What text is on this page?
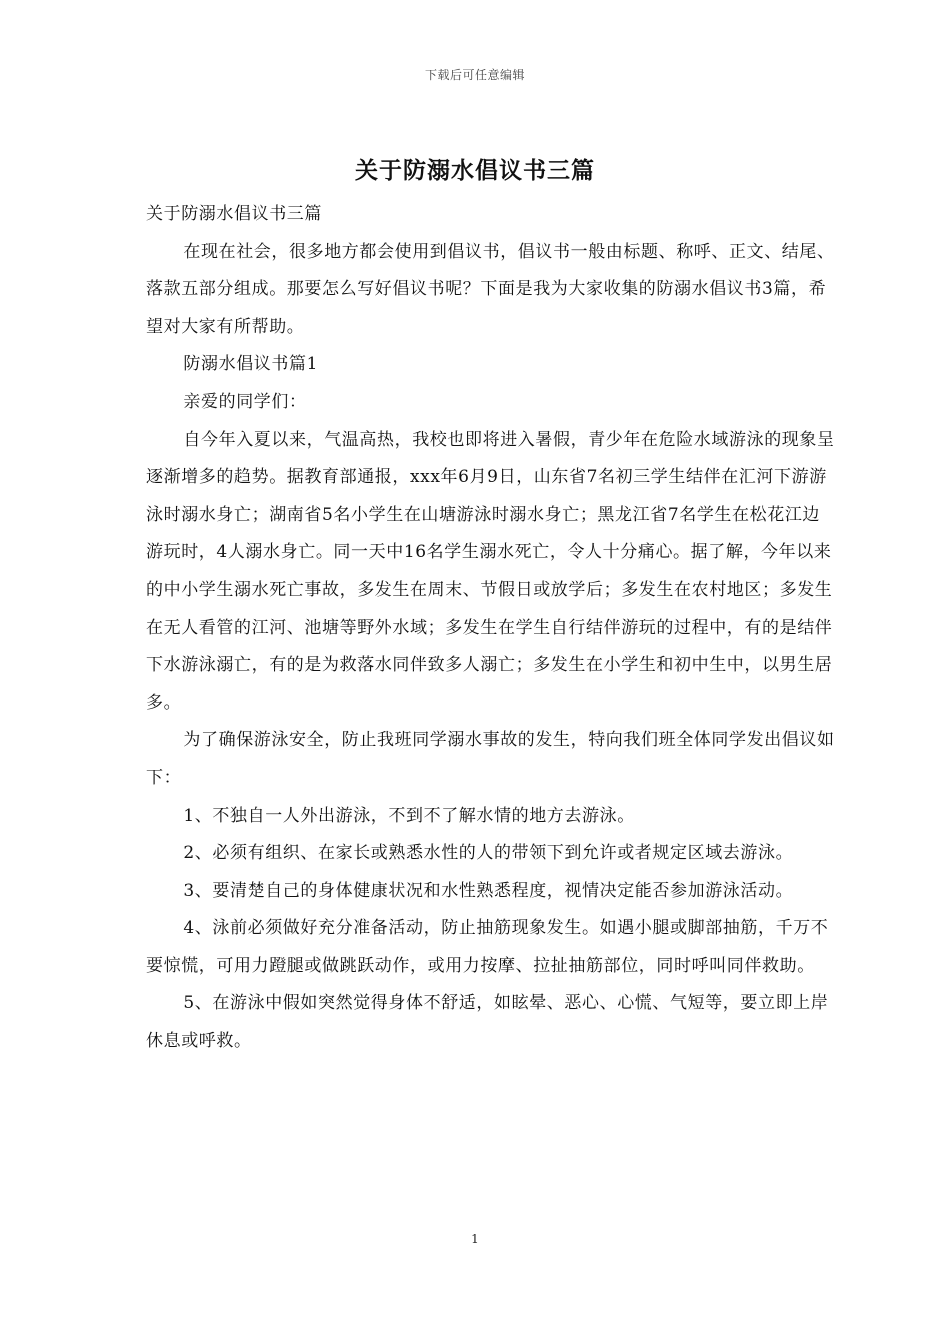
下载后可任意编辑
关于防溺水倡议书三篇

关于防溺水倡议书三篇

在现在社会，很多地方都会使用到倡议书，倡议书一般由标题、称呼、正文、结尾、落款五部分组成。那要怎么写好倡议书呢？下面是我为大家收集的防溺水倡议书3篇，希望对大家有所帮助。

防溺水倡议书篇1

亲爱的同学们：

自今年入夏以来，气温高热，我校也即将进入暑假，青少年在危险水域游泳的现象呈逐渐增多的趋势。据教育部通报，xxx年6月9日，山东省7名初三学生结伴在汇河下游游泳时溺水身亡；湖南省5名小学生在山塘游泳时溺水身亡；黑龙江省7名学生在松花江边游玩时，4人溺水身亡。同一天中16名学生溺水死亡，令人十分痛心。据了解，今年以来的中小学生溺水死亡事故，多发生在周末、节假日或放学后；多发生在农村地区；多发生在无人看管的江河、池塘等野外水域；多发生在学生自行结伴游玩的过程中，有的是结伴下水游泳溺亡，有的是为救落水同伴致多人溺亡；多发生在小学生和初中生中，以男生居多。

为了确保游泳安全，防止我班同学溺水事故的发生，特向我们班全体同学发出倡议如下：

1、不独自一人外出游泳，不到不了解水情的地方去游泳。

2、必须有组织、在家长或熟悉水性的人的带领下到允许或者规定区域去游泳。

3、要清楚自己的身体健康状况和水性熟悉程度，视情决定能否参加游泳活动。

4、泳前必须做好充分准备活动，防止抽筋现象发生。如遇小腿或脚部抽筋，千万不要惊慌，可用力蹬腿或做跳跃动作，或用力按摩、拉扯抽筋部位，同时呼叫同伴救助。

5、在游泳中假如突然觉得身体不舒适，如眩晕、恶心、心慌、气短等，要立即上岸休息或呼救。

1
